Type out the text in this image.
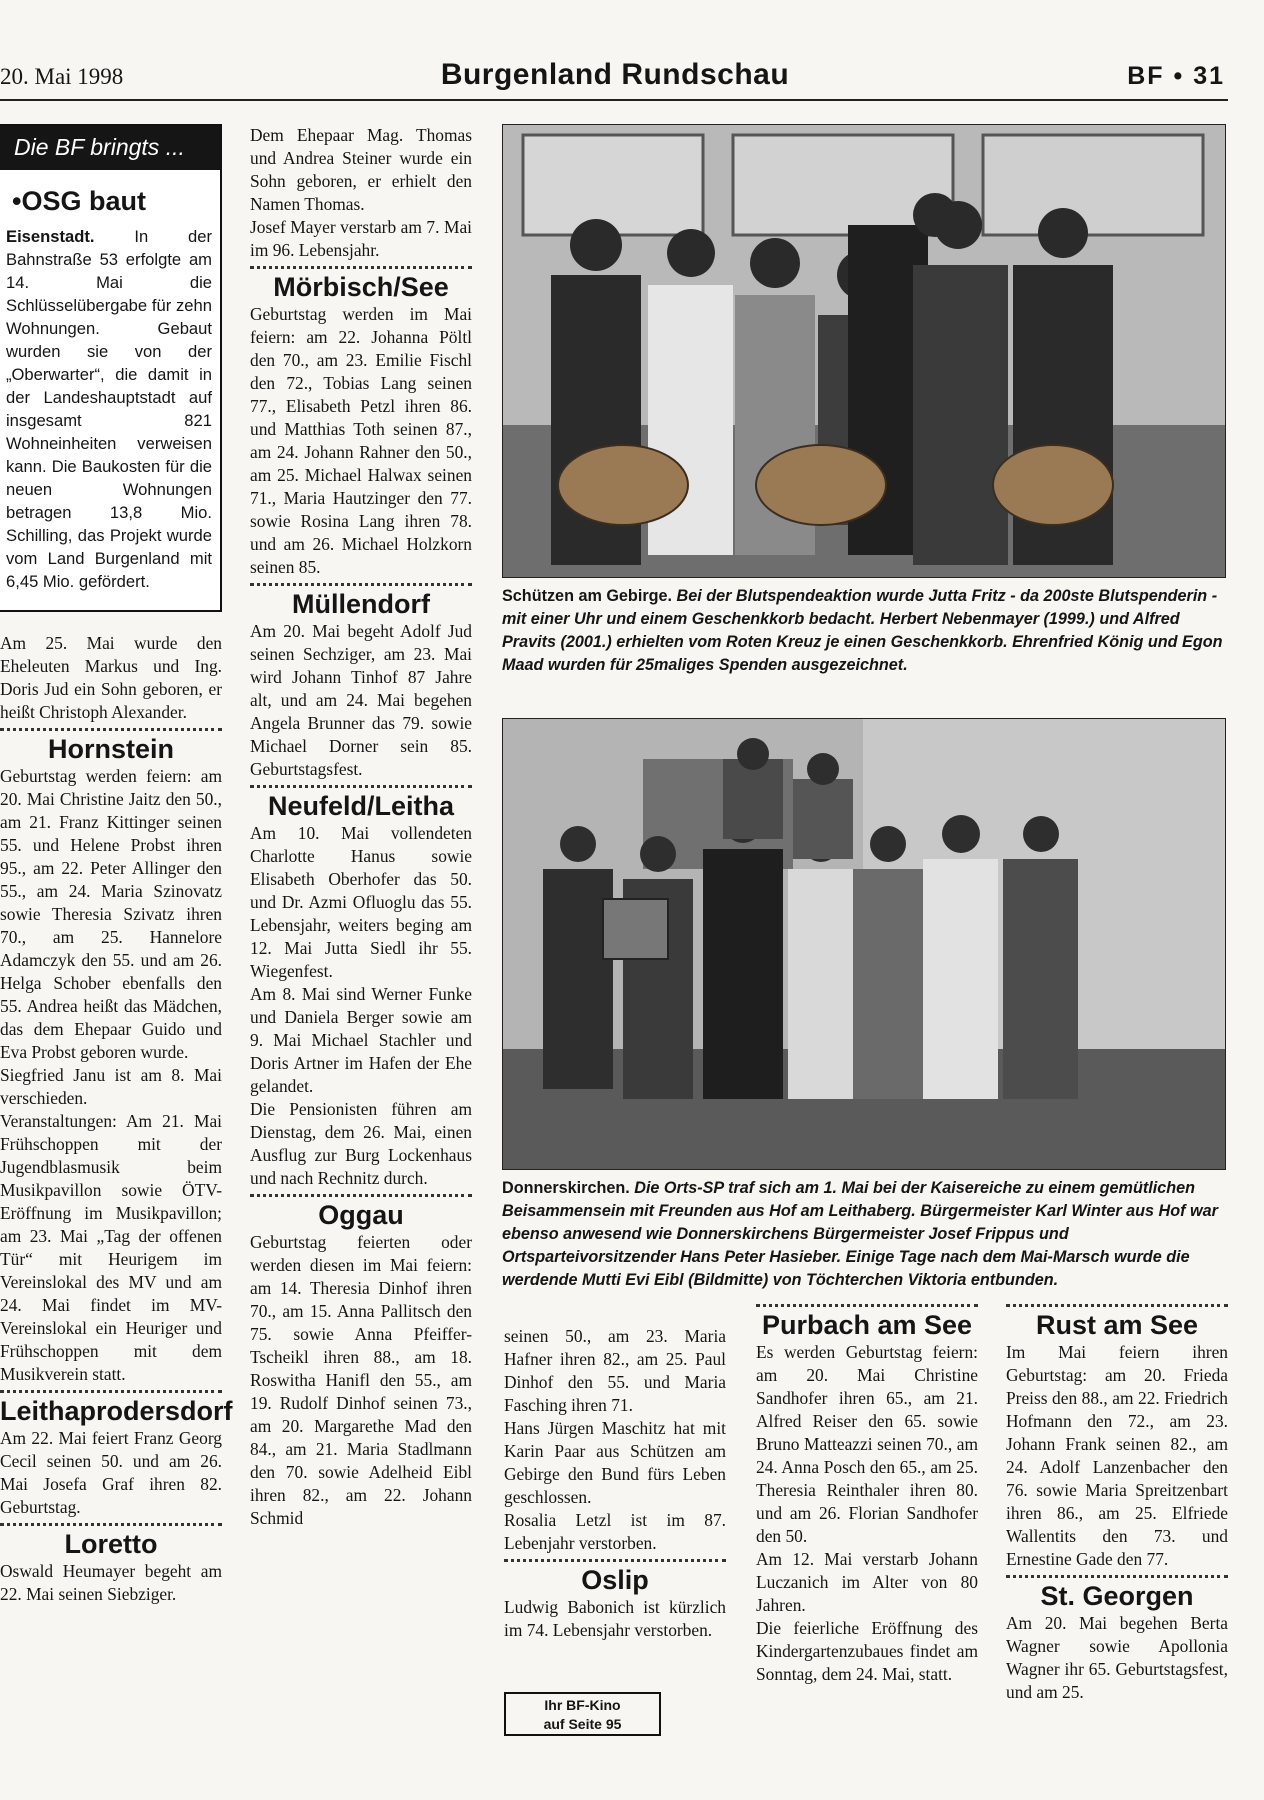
20. Mai 1998	Burgenland Rundschau	BF • 31
Die BF bringts ...
•OSG baut
Eisenstadt. In der Bahnstraße 53 erfolgte am 14. Mai die Schlüsselübergabe für zehn Wohnungen. Gebaut wurden sie von der „Oberwarter“, die damit in der Landeshauptstadt auf insgesamt 821 Wohneinheiten verweisen kann. Die Baukosten für die neuen Wohnungen betragen 13,8 Mio. Schilling, das Projekt wurde vom Land Burgenland mit 6,45 Mio. gefördert.

Am 25. Mai wurde den Eheleuten Markus und Ing. Doris Jud ein Sohn geboren, er heißt Christoph Alexander.

Hornstein

Geburtstag werden feiern: am 20. Mai Christine Jaitz den 50., am 21. Franz Kittinger seinen 55. und Helene Probst ihren 95., am 22. Peter Allinger den 55., am 24. Maria Szinovatz sowie Theresia Szivatz ihren 70., am 25. Hannelore Adamczyk den 55. und am 26. Helga Schober ebenfalls den 55. Andrea heißt das Mädchen, das dem Ehepaar Guido und Eva Probst geboren wurde.

Siegfried Janu ist am 8. Mai verschieden.

Veranstaltungen: Am 21. Mai Frühschoppen mit der Jugendblasmusik beim Musikpavillon sowie ÖTV-Eröffnung im Musikpavillon; am 23. Mai „Tag der offenen Tür“ mit Heurigem im Vereinslokal des MV und am 24. Mai findet im MV-Vereinslokal ein Heuriger und Frühschoppen mit dem Musikverein statt.

Leithaprodersdorf

Am 22. Mai feiert Franz Georg Cecil seinen 50. und am 26. Mai Josefa Graf ihren 82. Geburtstag.

Loretto

Oswald Heumayer begeht am 22. Mai seinen Siebziger.

Dem Ehepaar Mag. Thomas und Andrea Steiner wurde ein Sohn geboren, er erhielt den Namen Thomas.

Josef Mayer verstarb am 7. Mai im 96. Lebensjahr.

Mörbisch/See

Geburtstag werden im Mai feiern: am 22. Johanna Pöltl den 70., am 23. Emilie Fischl den 72., Tobias Lang seinen 77., Elisabeth Petzl ihren 86. und Matthias Toth seinen 87., am 24. Johann Rahner den 50., am 25. Michael Halwax seinen 71., Maria Hautzinger den 77. sowie Rosina Lang ihren 78. und am 26. Michael Holzkorn seinen 85.

Müllendorf

Am 20. Mai begeht Adolf Jud seinen Sechziger, am 23. Mai wird Johann Tinhof 87 Jahre alt, und am 24. Mai begehen Angela Brunner das 79. sowie Michael Dorner sein 85. Geburtstagsfest.

Neufeld/Leitha

Am 10. Mai vollendeten Charlotte Hanus sowie Elisabeth Oberhofer das 50. und Dr. Azmi Ofluoglu das 55. Lebensjahr, weiters beging am 12. Mai Jutta Siedl ihr 55. Wiegenfest.

Am 8. Mai sind Werner Funke und Daniela Berger sowie am 9. Mai Michael Stachler und Doris Artner im Hafen der Ehe gelandet.

Die Pensionisten führen am Dienstag, dem 26. Mai, einen Ausflug zur Burg Lockenhaus und nach Rechnitz durch.

Oggau

Geburtstag feierten oder werden diesen im Mai feiern: am 14. Theresia Dinhof ihren 70., am 15. Anna Pallitsch den 75. sowie Anna Pfeiffer-Tscheikl ihren 88., am 18. Roswitha Hanifl den 55., am 19. Rudolf Dinhof seinen 73., am 20. Margarethe Mad den 84., am 21. Maria Stadlmann den 70. sowie Adelheid Eibl ihren 82., am 22. Johann Schmid

Schützen am Gebirge. Bei der Blutspendeaktion wurde Jutta Fritz - da 200ste Blutspenderin - mit einer Uhr und einem Geschenkkorb bedacht. Herbert Nebenmayer (1999.) und Alfred Pravits (2001.) erhielten vom Roten Kreuz je einen Geschenkkorb. Ehrenfried König und Egon Maad wurden für 25maliges Spenden ausgezeichnet.
Donnerskirchen. Die Orts-SP traf sich am 1. Mai bei der Kaisereiche zu einem gemütlichen Beisammensein mit Freunden aus Hof am Leithaberg. Bürgermeister Karl Winter aus Hof war ebenso anwesend wie Donnerskirchens Bürgermeister Josef Frippus und Ortsparteivorsitzender Hans Peter Hasieber. Einige Tage nach dem Mai-Marsch wurde die werdende Mutti Evi Eibl (Bildmitte) von Töchterchen Viktoria entbunden.

seinen 50., am 23. Maria Hafner ihren 82., am 25. Paul Dinhof den 55. und Maria Fasching ihren 71.

Hans Jürgen Maschitz hat mit Karin Paar aus Schützen am Gebirge den Bund fürs Leben geschlossen.

Rosalia Letzl ist im 87. Lebenjahr verstorben.

Oslip

Ludwig Babonich ist kürzlich im 74. Lebensjahr verstorben.

Ihr BF-Kino
auf Seite 95
Purbach am See

Es werden Geburtstag feiern: am 20. Mai Christine Sandhofer ihren 65., am 21. Alfred Reiser den 65. sowie Bruno Matteazzi seinen 70., am 24. Anna Posch den 65., am 25. Theresia Reinthaler ihren 80. und am 26. Florian Sandhofer den 50.

Am 12. Mai verstarb Johann Luczanich im Alter von 80 Jahren.

Die feierliche Eröffnung des Kindergartenzubaues findet am Sonntag, dem 24. Mai, statt.

Rust am See

Im Mai feiern ihren Geburtstag: am 20. Frieda Preiss den 88., am 22. Friedrich Hofmann den 72., am 23. Johann Frank seinen 82., am 24. Adolf Lanzenbacher den 76. sowie Maria Spreitzenbart ihren 86., am 25. Elfriede Wallentits den 73. und Ernestine Gade den 77.

St. Georgen

Am 20. Mai begehen Berta Wagner sowie Apollonia Wagner ihr 65. Geburtstagsfest, und am 25.
